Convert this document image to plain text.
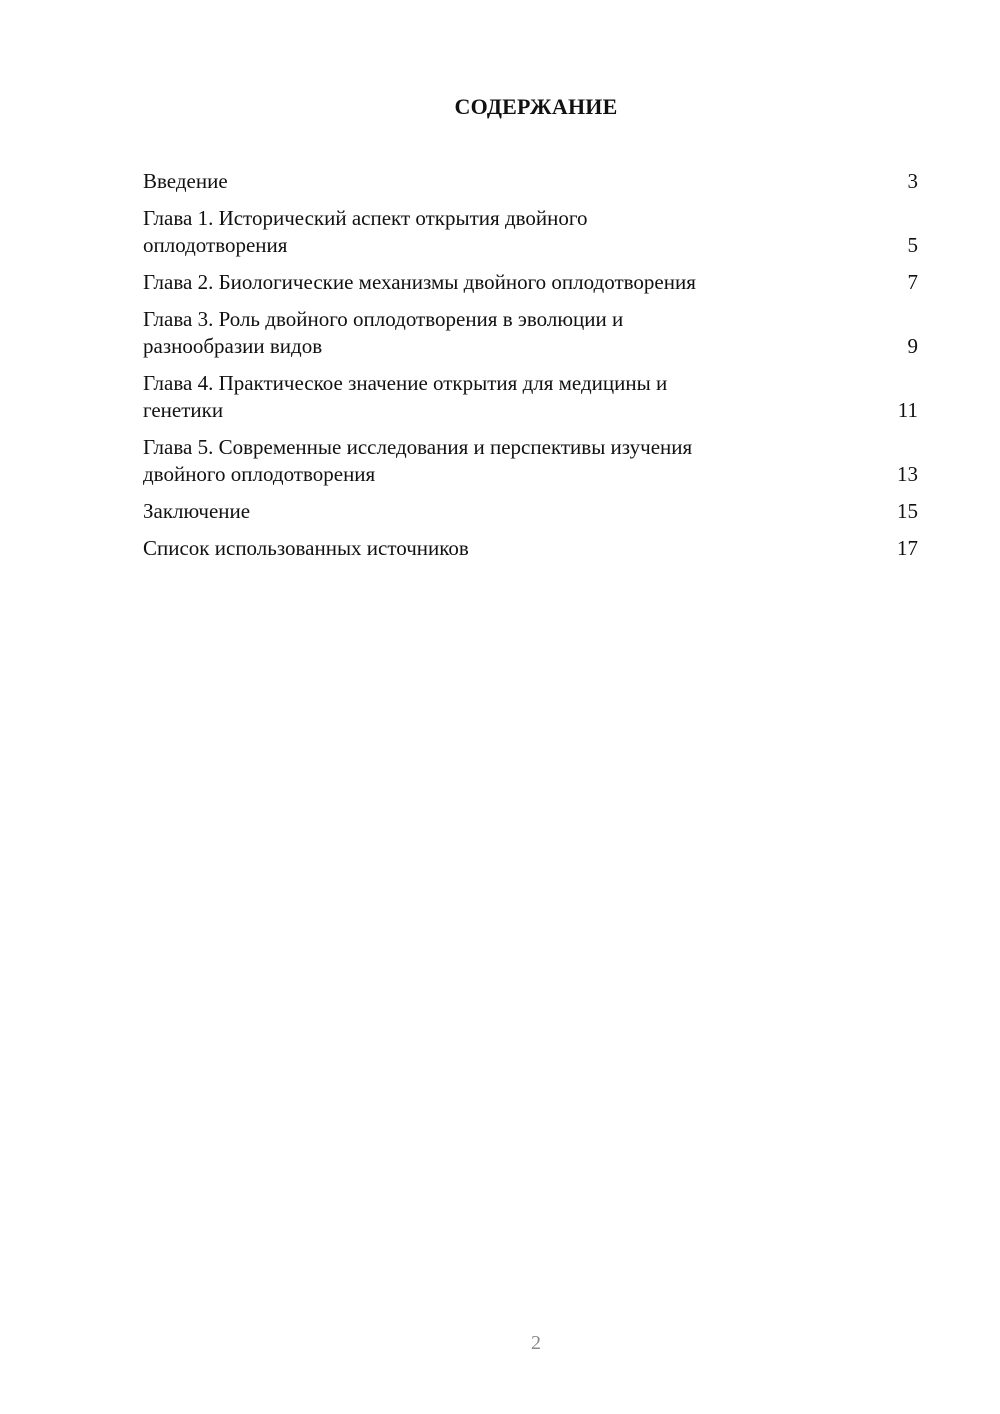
СОДЕРЖАНИЕ
Введение	3
Глава 1. Исторический аспект открытия двойного
оплодотворения	5
Глава 2. Биологические механизмы двойного оплодотворения	7
Глава 3. Роль двойного оплодотворения в эволюции и
разнообразии видов	9
Глава 4. Практическое значение открытия для медицины и
генетики	11
Глава 5. Современные исследования и перспективы изучения
двойного оплодотворения	13
Заключение	15
Список использованных источников	17
2
